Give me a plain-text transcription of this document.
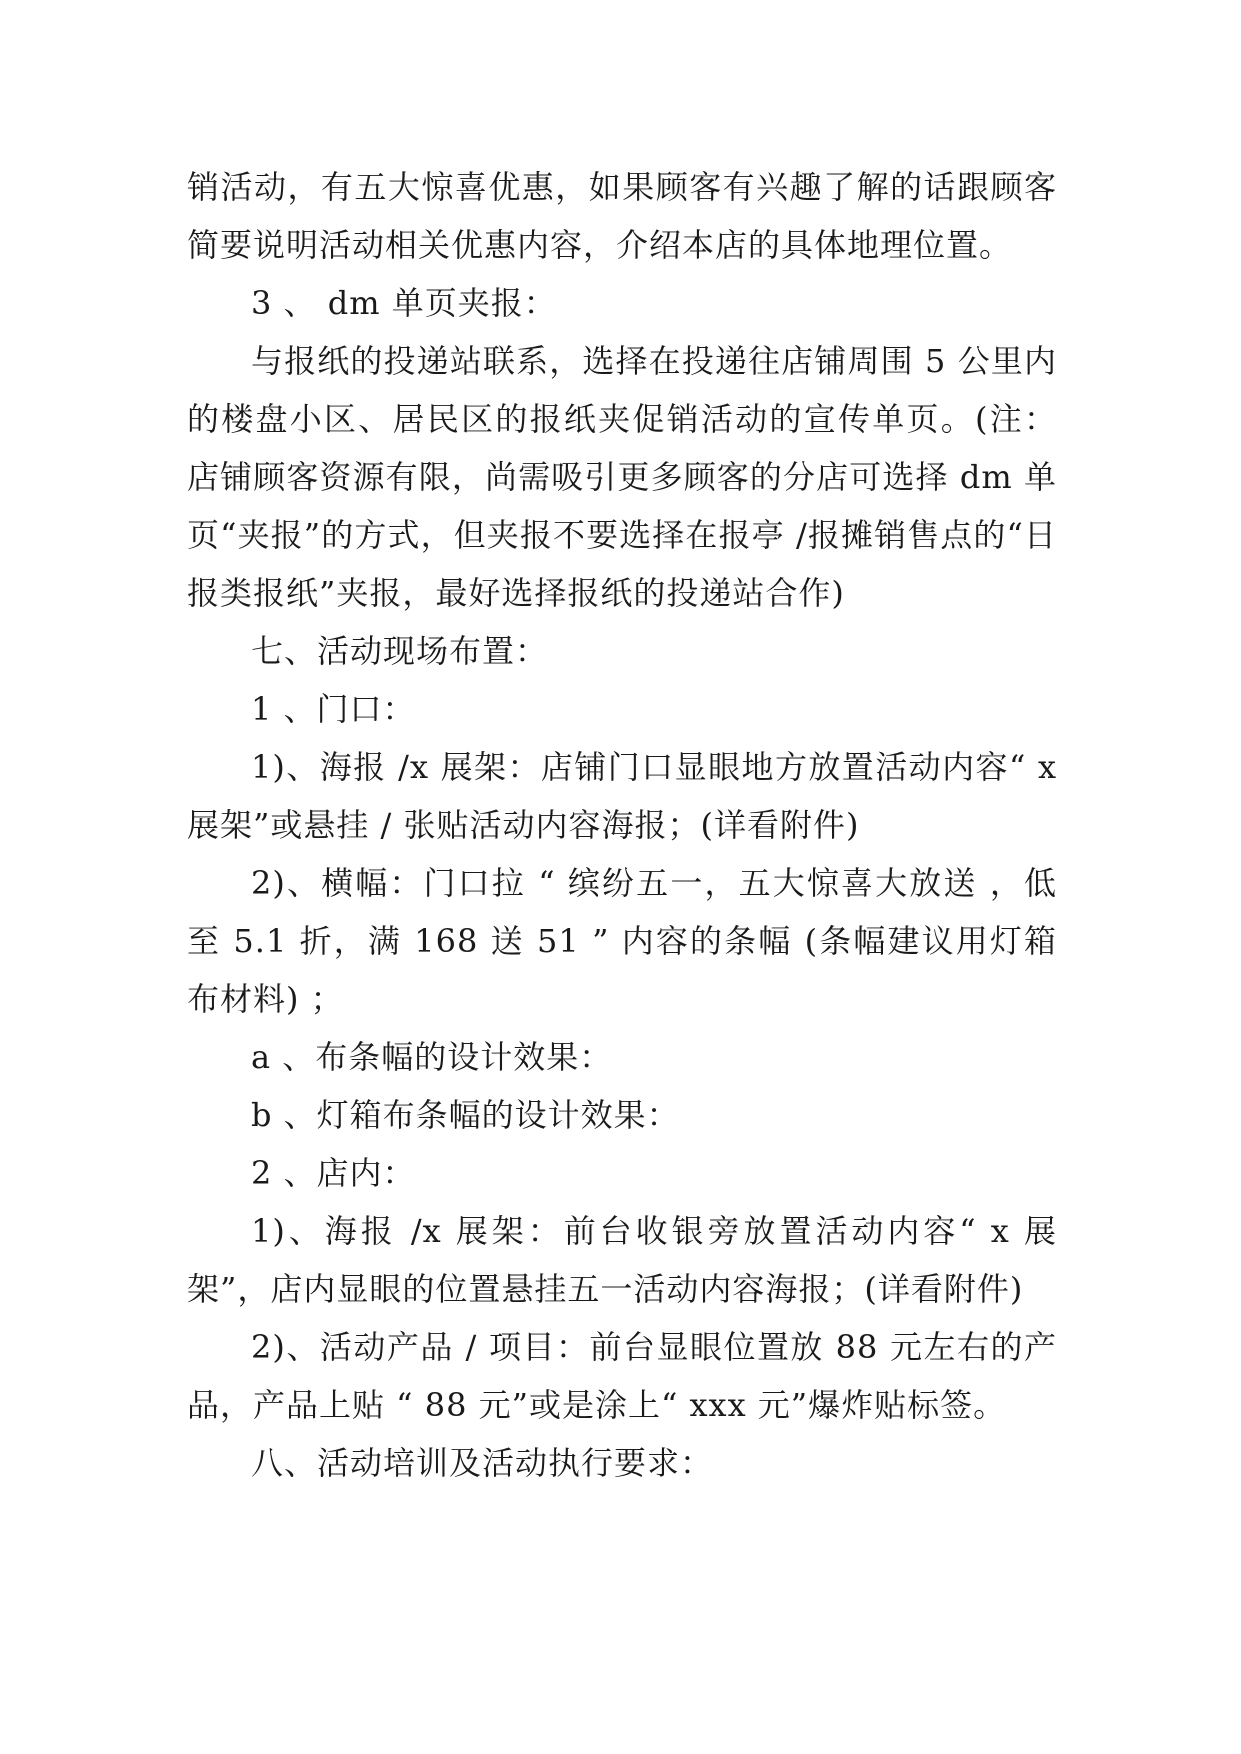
销活动，有五大惊喜优惠，如果顾客有兴趣了解的话跟顾客简要说明活动相关优惠内容，介绍本店的具体地理位置。

3 、 dm 单页夹报：

与报纸的投递站联系，选择在投递往店铺周围 5 公里内的楼盘小区、居民区的报纸夹促销活动的宣传单页。(注：店铺顾客资源有限，尚需吸引更多顾客的分店可选择 dm 单页“夹报”的方式，但夹报不要选择在报亭 /报摊销售点的“日报类报纸”夹报，最好选择报纸的投递站合作)

七、活动现场布置：

1 、门口：

1)、海报 /x 展架：店铺门口显眼地方放置活动内容“ x 展架”或悬挂 / 张贴活动内容海报；(详看附件)

2)、横幅：门口拉 “ 缤纷五一，五大惊喜大放送 ，低至 5.1 折，满 168 送 51 ” 内容的条幅 (条幅建议用灯箱布材料) ；

a 、布条幅的设计效果：

b 、灯箱布条幅的设计效果：

2 、店内：

1)、海报 /x 展架：前台收银旁放置活动内容“ x 展架”，店内显眼的位置悬挂五一活动内容海报；(详看附件)

2)、活动产品 / 项目：前台显眼位置放 88 元左右的产品，产品上贴 “ 88 元”或是涂上“ xxx 元”爆炸贴标签。

八、活动培训及活动执行要求：
